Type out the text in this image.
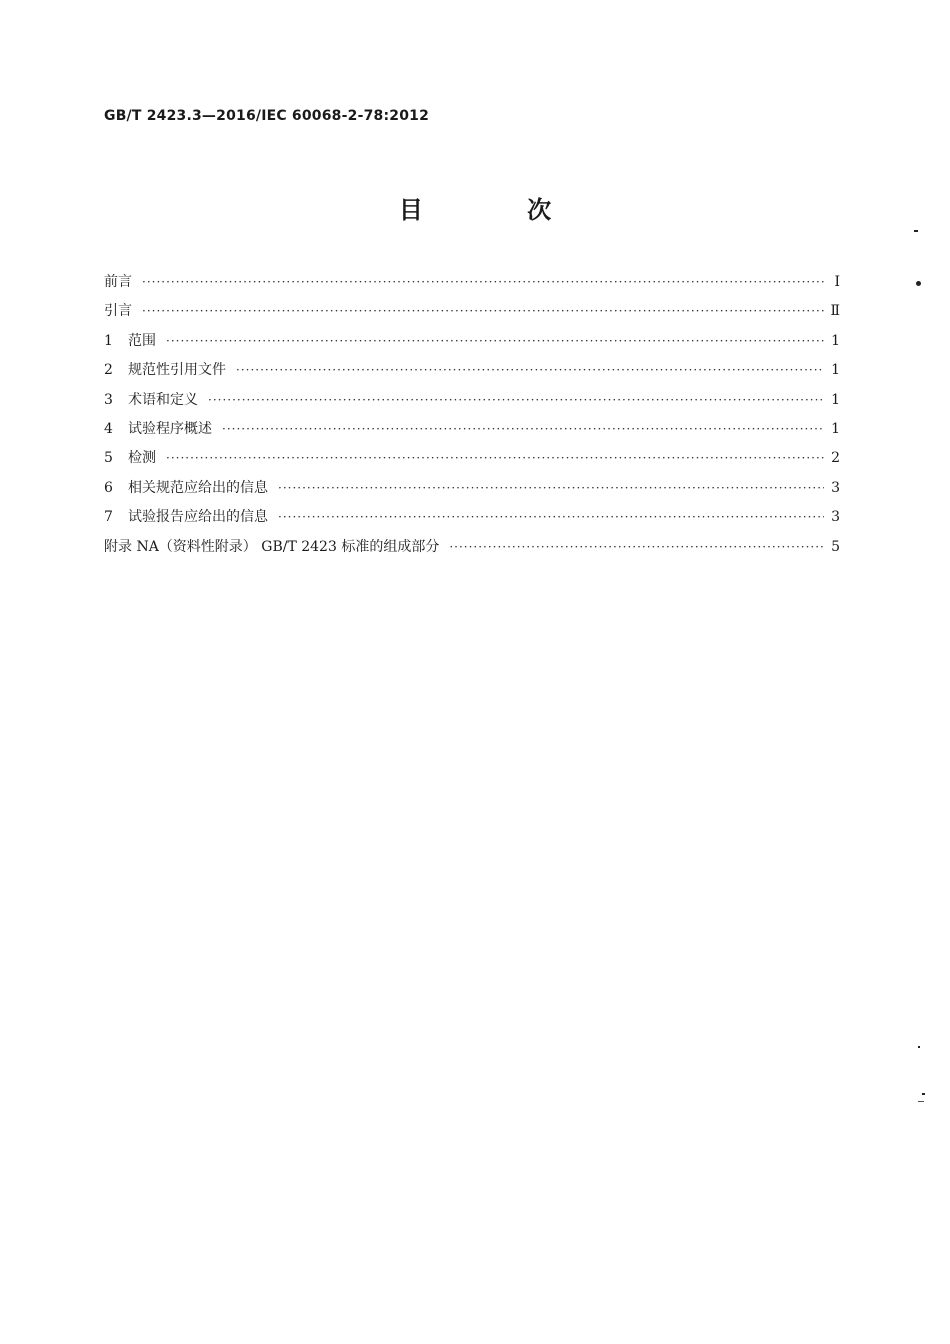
GB/T 2423.3—2016/IEC 60068-2-78:2012
目 次
前言 ·····	Ⅰ
引言 ·····	Ⅱ
1	范围 ·····	1
2	规范性引用文件 ·····	1
3	术语和定义 ·····	1
4	试验程序概述 ·····	1
5	检测 ·····	2
6	相关规范应给出的信息 ·····	3
7	试验报告应给出的信息 ·····	3
附录 NA（资料性附录） GB/T 2423 标准的组成部分 ·····	5
